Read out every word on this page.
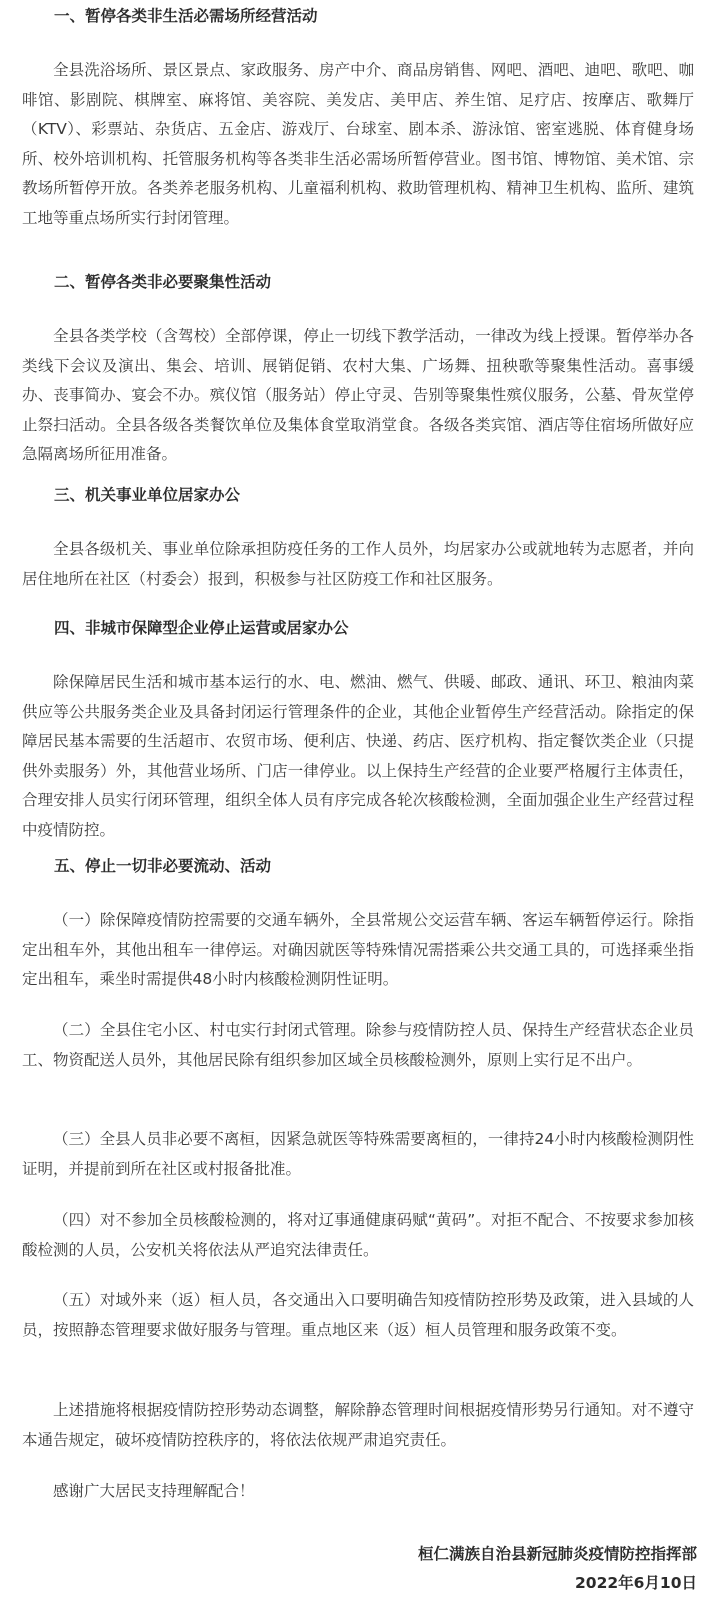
一、暂停各类非生活必需场所经营活动

全县洗浴场所、景区景点、家政服务、房产中介、商品房销售、网吧、酒吧、迪吧、歌吧、咖啡馆、影剧院、棋牌室、麻将馆、美容院、美发店、美甲店、养生馆、足疗店、按摩店、歌舞厅（KTV）、彩票站、杂货店、五金店、游戏厅、台球室、剧本杀、游泳馆、密室逃脱、体育健身场所、校外培训机构、托管服务机构等各类非生活必需场所暂停营业。图书馆、博物馆、美术馆、宗教场所暂停开放。各类养老服务机构、儿童福利机构、救助管理机构、精神卫生机构、监所、建筑工地等重点场所实行封闭管理。

二、暂停各类非必要聚集性活动

全县各类学校（含驾校）全部停课，停止一切线下教学活动，一律改为线上授课。暂停举办各类线下会议及演出、集会、培训、展销促销、农村大集、广场舞、扭秧歌等聚集性活动。喜事缓办、丧事简办、宴会不办。殡仪馆（服务站）停止守灵、告别等聚集性殡仪服务，公墓、骨灰堂停止祭扫活动。全县各级各类餐饮单位及集体食堂取消堂食。各级各类宾馆、酒店等住宿场所做好应急隔离场所征用准备。

三、机关事业单位居家办公

全县各级机关、事业单位除承担防疫任务的工作人员外，均居家办公或就地转为志愿者，并向居住地所在社区（村委会）报到，积极参与社区防疫工作和社区服务。

四、非城市保障型企业停止运营或居家办公

除保障居民生活和城市基本运行的水、电、燃油、燃气、供暖、邮政、通讯、环卫、粮油肉菜供应等公共服务类企业及具备封闭运行管理条件的企业，其他企业暂停生产经营活动。除指定的保障居民基本需要的生活超市、农贸市场、便利店、快递、药店、医疗机构、指定餐饮类企业（只提供外卖服务）外，其他营业场所、门店一律停业。以上保持生产经营的企业要严格履行主体责任，合理安排人员实行闭环管理，组织全体人员有序完成各轮次核酸检测，全面加强企业生产经营过程中疫情防控。

五、停止一切非必要流动、活动

（一）除保障疫情防控需要的交通车辆外，全县常规公交运营车辆、客运车辆暂停运行。除指定出租车外，其他出租车一律停运。对确因就医等特殊情况需搭乘公共交通工具的，可选择乘坐指定出租车，乘坐时需提供48小时内核酸检测阴性证明。

（二）全县住宅小区、村屯实行封闭式管理。除参与疫情防控人员、保持生产经营状态企业员工、物资配送人员外，其他居民除有组织参加区域全员核酸检测外，原则上实行足不出户。

（三）全县人员非必要不离桓，因紧急就医等特殊需要离桓的，一律持24小时内核酸检测阴性证明，并提前到所在社区或村报备批准。

（四）对不参加全员核酸检测的，将对辽事通健康码赋“黄码”。对拒不配合、不按要求参加核酸检测的人员，公安机关将依法从严追究法律责任。

（五）对域外来（返）桓人员，各交通出入口要明确告知疫情防控形势及政策，进入县域的人员，按照静态管理要求做好服务与管理。重点地区来（返）桓人员管理和服务政策不变。

上述措施将根据疫情防控形势动态调整，解除静态管理时间根据疫情形势另行通知。对不遵守本通告规定，破坏疫情防控秩序的，将依法依规严肃追究责任。

感谢广大居民支持理解配合！

桓仁满族自治县新冠肺炎疫情防控指挥部
2022年6月10日
